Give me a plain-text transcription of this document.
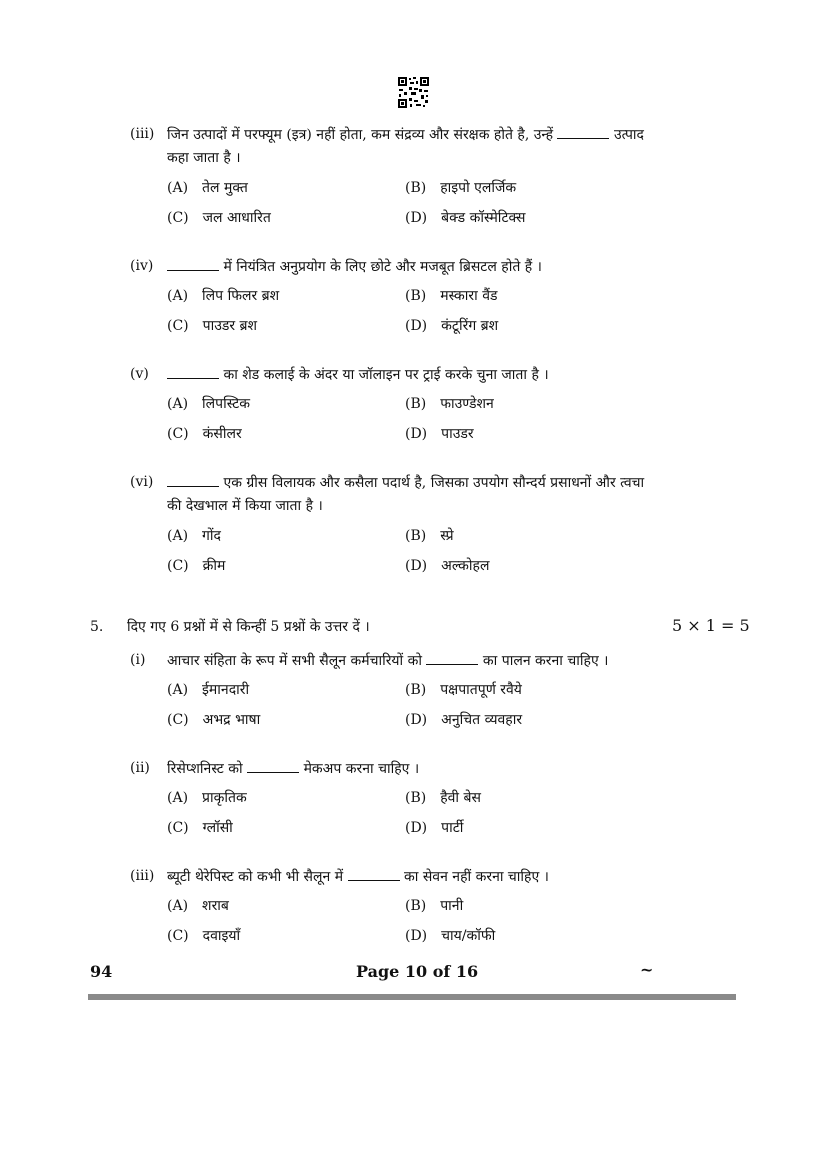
(iii) जिन उत्पादों में परफ्यूम (इत्र) नहीं होता, कम संद्रव्य और संरक्षक होते है, उन्हें	उत्पाद
कहा जाता है ।
(A) तेल मुक्त	(B) हाइपो एलर्जिक
(C) जल आधारित	(D) बेक्ड कॉस्मेटिक्स
(iv)	में नियंत्रित अनुप्रयोग के लिए छोटे और मजबूत ब्रिसटल होते हैं ।
(A) लिप फिलर ब्रश	(B) मस्कारा वैंड
(C) पाउडर ब्रश	(D) कंटूरिंग ब्रश
(v)	का शेड कलाई के अंदर या जॉलाइन पर ट्राई करके चुना जाता है ।
(A) लिपस्टिक	(B) फाउण्डेशन
(C) कंसीलर	(D) पाउडर
(vi)	एक ग्रीस विलायक और कसैला पदार्थ है, जिसका उपयोग सौन्दर्य प्रसाधनों और त्वचा
की देखभाल में किया जाता है ।
(A) गोंद	(B) स्प्रे
(C) क्रीम	(D) अल्कोहल
5. दिए गए 6 प्रश्नों में से किन्हीं 5 प्रश्नों के उत्तर दें ।	5 × 1 = 5
(i) आचार संहिता के रूप में सभी सैलून कर्मचारियों को	का पालन करना चाहिए ।
(A) ईमानदारी	(B) पक्षपातपूर्ण रवैये
(C) अभद्र भाषा	(D) अनुचित व्यवहार
(ii) रिसेप्शनिस्ट को	मेकअप करना चाहिए ।
(A) प्राकृतिक	(B) हैवी बेस
(C) ग्लॉसी	(D) पार्टी
(iii) ब्यूटी थेरेपिस्ट को कभी भी सैलून में	का सेवन नहीं करना चाहिए ।
(A) शराब	(B) पानी
(C) दवाइयाँ	(D) चाय/कॉफी
94	Page 10 of 16	~
